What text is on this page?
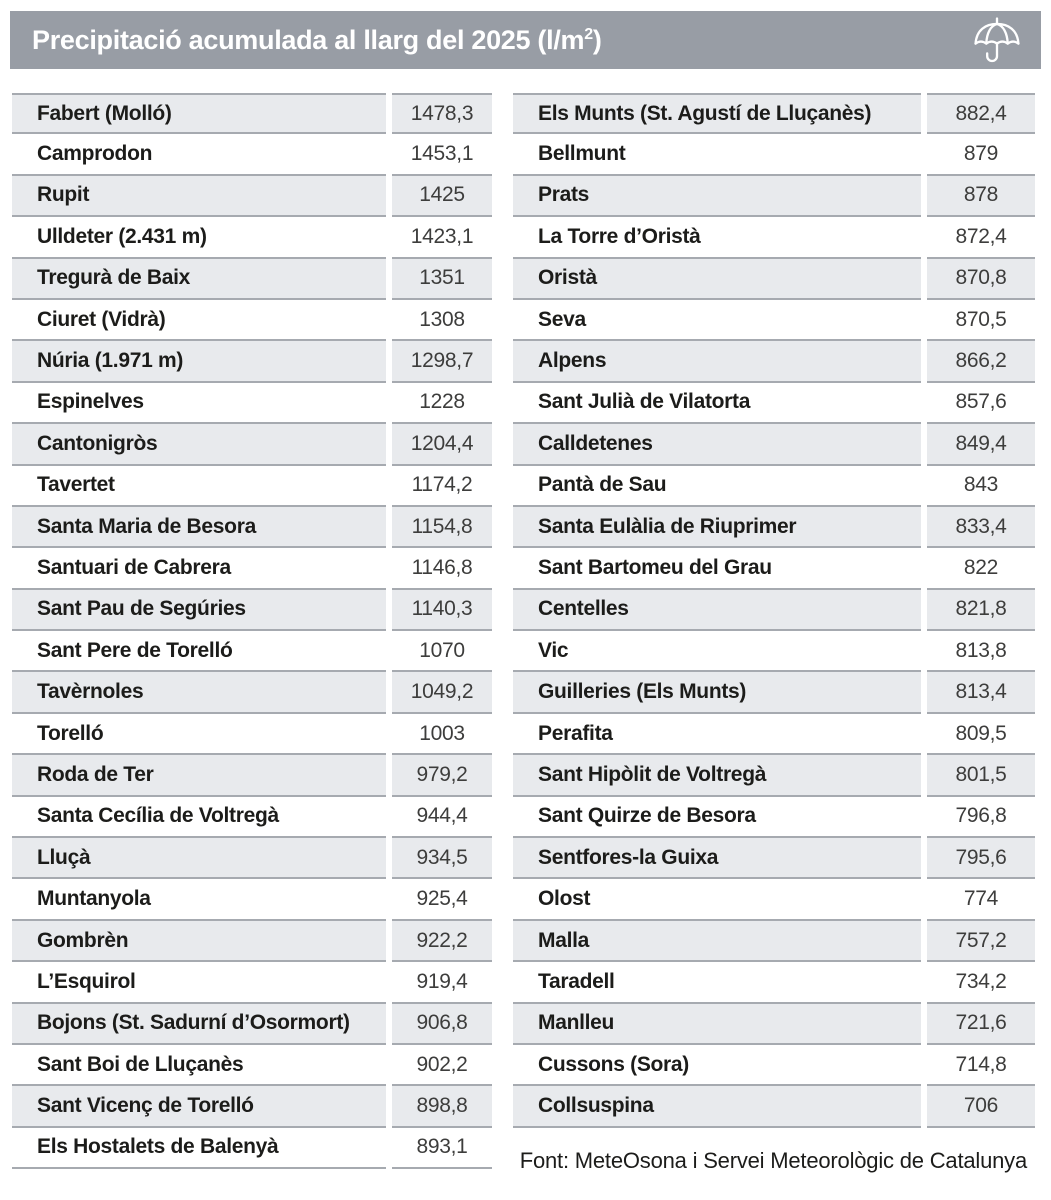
Precipitació acumulada al llarg del 2025 $(l/m^2)$
Fabert (Molló)	1478,3
Camprodon	1453,1
Rupit	1425
Ulldeter (2.431 m)	1423,1
Tregurà de Baix	1351
Ciuret (Vidrà)	1308
Núria (1.971 m)	1298,7
Espinelves	1228
Cantonigròs	1204,4
Tavertet	1174,2
Santa Maria de Besora	1154,8
Santuari de Cabrera	1146,8
Sant Pau de Segúries	1140,3
Sant Pere de Torelló	1070
Tavèrnoles	1049,2
Torelló	1003
Roda de Ter	979,2
Santa Cecília de Voltregà	944,4
Lluçà	934,5
Muntanyola	925,4
Gombrèn	922,2
L’Esquirol	919,4
Bojons (St. Sadurní d’Osormort)	906,8
Sant Boi de Lluçanès	902,2
Sant Vicenç de Torelló	898,8
Els Hostalets de Balenyà	893,1
Els Munts (St. Agustí de Lluçanès)	882,4
Bellmunt	879
Prats	878
La Torre d’Oristà	872,4
Oristà	870,8
Seva	870,5
Alpens	866,2
Sant Julià de Vilatorta	857,6
Calldetenes	849,4
Pantà de Sau	843
Santa Eulàlia de Riuprimer	833,4
Sant Bartomeu del Grau	822
Centelles	821,8
Vic	813,8
Guilleries (Els Munts)	813,4
Perafita	809,5
Sant Hipòlit de Voltregà	801,5
Sant Quirze de Besora	796,8
Sentfores-la Guixa	795,6
Olost	774
Malla	757,2
Taradell	734,2
Manlleu	721,6
Cussons (Sora)	714,8
Collsuspina	706
Font: MeteOsona i Servei Meteorològic de Catalunya
